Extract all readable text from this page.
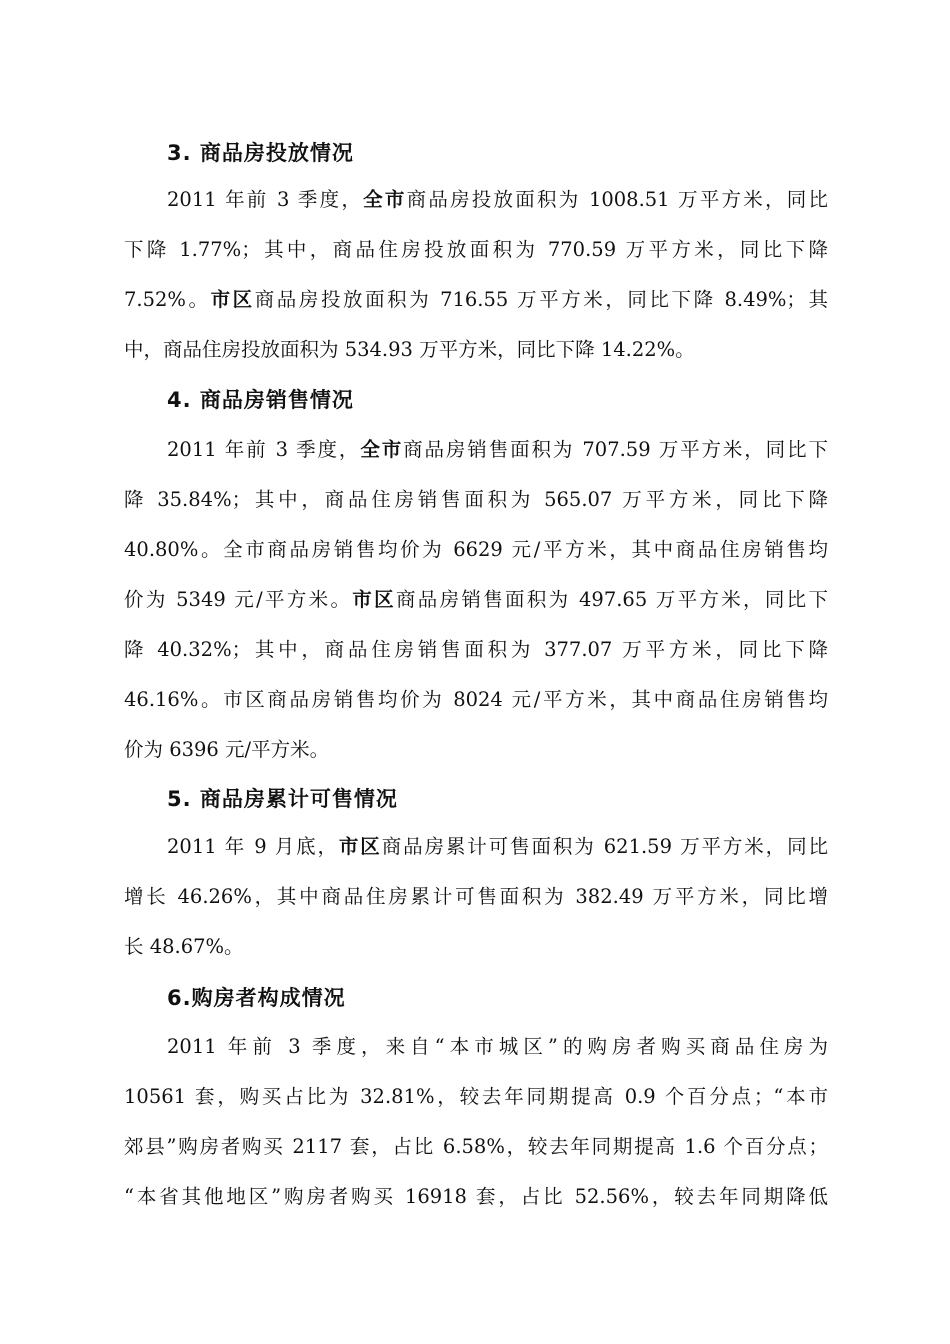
3. 商品房投放情况
2011 年前 3 季度，全市商品房投放面积为 1008.51 万平方米，同比
下降 1.77%；其中，商品住房投放面积为 770.59 万平方米，同比下降
7.52%。市区商品房投放面积为 716.55 万平方米，同比下降 8.49%；其
中，商品住房投放面积为 534.93 万平方米，同比下降 14.22%。
4. 商品房销售情况
2011 年前 3 季度，全市商品房销售面积为 707.59 万平方米，同比下
降 35.84%；其中，商品住房销售面积为 565.07 万平方米，同比下降
40.80%。全市商品房销售均价为 6629 元/平方米，其中商品住房销售均
价为 5349 元/平方米。市区商品房销售面积为 497.65 万平方米，同比下
降 40.32%；其中，商品住房销售面积为 377.07 万平方米，同比下降
46.16%。市区商品房销售均价为 8024 元/平方米，其中商品住房销售均
价为 6396 元/平方米。
5. 商品房累计可售情况
2011 年 9 月底，市区商品房累计可售面积为 621.59 万平方米，同比
增长 46.26%，其中商品住房累计可售面积为 382.49 万平方米，同比增
长 48.67%。
6.购房者构成情况
2011 年前 3 季度，来自“本市城区”的购房者购买商品住房为
10561 套，购买占比为 32.81%，较去年同期提高 0.9 个百分点；“本市
郊县”购房者购买 2117 套，占比 6.58%，较去年同期提高 1.6 个百分点；
“本省其他地区”购房者购买 16918 套，占比 52.56%，较去年同期降低
